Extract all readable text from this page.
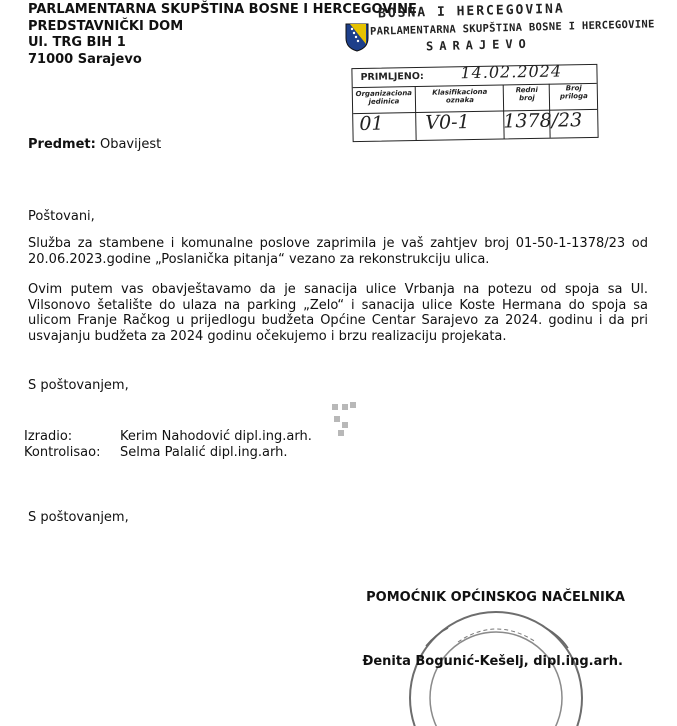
PARLAMENTARNA SKUPŠTINA BOSNE I HERCEGOVINE
PREDSTAVNIČKI DOM
Ul. TRG BIH 1
71000 Sarajevo
BOSNA I HERCEGOVINA
PARLAMENTARNA SKUPŠTINA BOSNE I HERCEGOVINE
SARAJEVO
PRIMLJENO: 14.02.2024
Organizaciona jedinica
Klasifikaciona oznaka
Redni broj
Broj priloga
01 V0-1 1378/23
Predmet: Obavijest
Poštovani,
Služba za stambene i komunalne poslove zaprimila je vaš zahtjev broj 01-50-1-1378/23 od 20.06.2023.godine „Poslanička pitanja“ vezano za rekonstrukciju ulica.
Ovim putem vas obavještavamo da je sanacija ulice Vrbanja na potezu od spoja sa Ul. Vilsonovo šetalište do ulaza na parking „Zelo“ i sanacija ulice Koste Hermana do spoja sa ulicom Franje Račkog u prijedlogu budžeta Općine Centar Sarajevo za 2024. godinu i da pri usvajanju budžeta za 2024 godinu očekujemo i brzu realizaciju projekata.
S poštovanjem,
Izradio:	Kerim Nahodović dipl.ing.arh.
Kontrolisao: Selma Palalić dipl.ing.arh.
S poštovanjem,
POMOĆNIK OPĆINSKOG NAČELNIKA
Đenita Bogunić-Kešelj, dipl.ing.arh.
